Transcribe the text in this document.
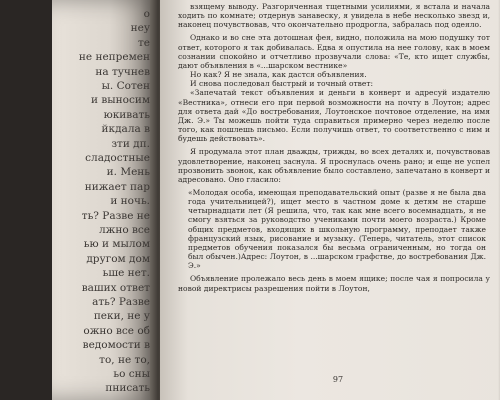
о
неу
те
не непремен
на тучнев
ы. Сотен
и выносим
юкивать
йкдала в
зти дп.
сладостные
и. Мень
нижает пар
и ночь.
ть? Разве не
лжно все
ью и мылом
другом дом
ьше нет.
ваших ответ
ать? Разве
пеки, не у
ожно все об
ведомости в
то, не то,
ьо сны
пнисать

взящему выводу. Разгоряченная тщетными усилиями, я встала и начала ходить по комнате; отдернув занавеску, я увидела в небе несколько звезд и, наконец почувствовав, что окончательно продрогла, забралась под одеяло.

Однако и во сне эта дотошная фея, видно, положила на мою подушку тот ответ, которого я так добивалась. Едва я опустила на нее голову, как в моем сознании спокойно и отчетливо прозвучали слова: «Те, кто ищет службы, дают объявления в «...шарском вестнике»

Но как? Я не знала, как дастся объявления.

И снова последовал быстрый и точный ответ:

«Запечатай текст объявления и деньги в конверт и адресуй издателю «Вестника», отнеси его при первой возможности на почту в Лоутон; адрес для ответа дай «До востребования, Лоутонское почтовое отделение, на имя Дж. Э.» Ты можешь пойти туда справиться примерно через неделю после того, как пошлешь письмо. Если получишь ответ, то соответственно с ним и будешь действовать».

Я продумала этот план дважды, трижды, во всех деталях и, почувствовав удовлетворение, наконец заснула. Я проснулась очень рано; и еще не успел прозвонить звонок, как объявление было составлено, запечатано в конверт и адресовано. Оно гласило:

«Молодая особа, имеющая преподавательский опыт (разве я не была два года учительницей?), ищет место в частном доме к детям не старше четырнадцати лет (Я решила, что, так как мне всего восемнадцать, я не смогу взяться за руководство учениками почти моего возраста.) Кроме общих предметов, входящих в школьную программу, преподает также французский язык, рисование и музыку. (Теперь, читатель, этот список предметов обучения показался бы весьма ограниченным, но тогда он был обычен.)Адрес: Лоутон, в ...шарском графстве, до востребования Дж. Э.»

Объявление пролежало весь день в моем ящике; после чая я попросила у новой директрисы разрешения пойти в Лоутон,

97
